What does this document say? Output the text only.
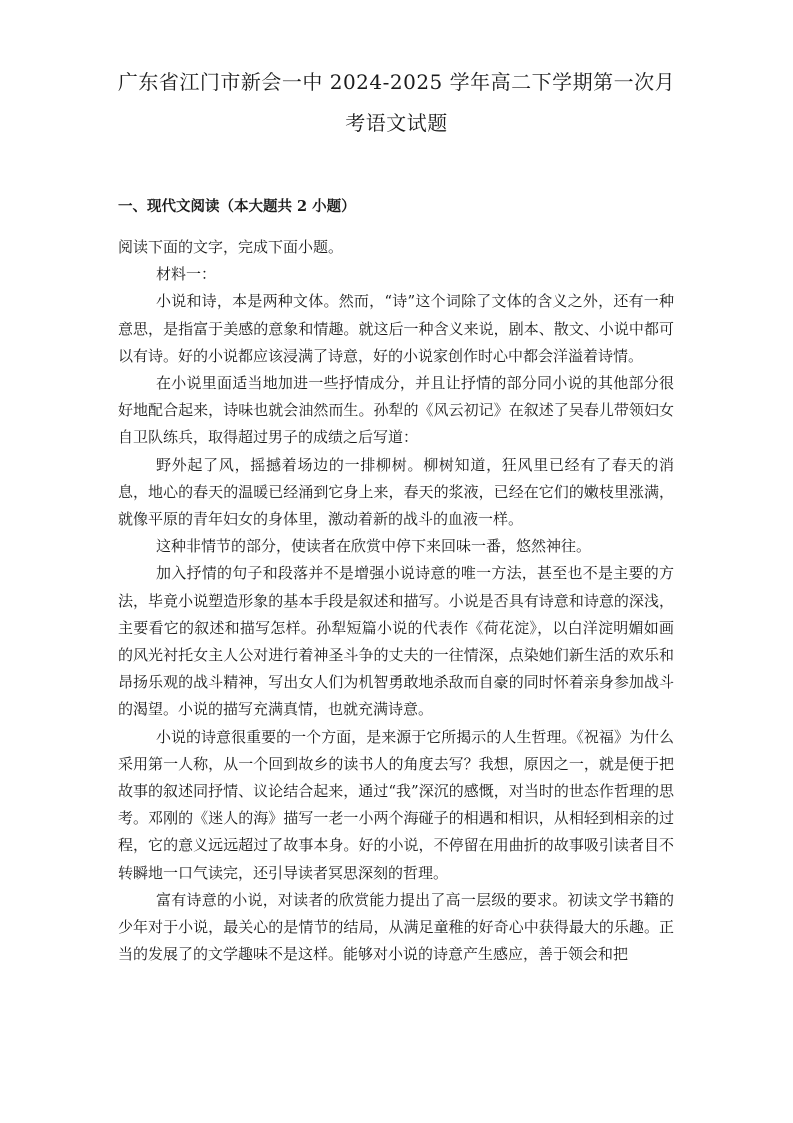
广东省江门市新会一中 2024-2025 学年高二下学期第一次月
考语文试题
一、现代文阅读（本大题共 2 小题）

阅读下面的文字，完成下面小题。

材料一：

小说和诗，本是两种文体。然而，“诗”这个词除了文体的含义之外，还有一种意思，是指富于美感的意象和情趣。就这后一种含义来说，剧本、散文、小说中都可以有诗。好的小说都应该浸满了诗意，好的小说家创作时心中都会洋溢着诗情。

在小说里面适当地加进一些抒情成分，并且让抒情的部分同小说的其他部分很好地配合起来，诗味也就会油然而生。孙犁的《风云初记》在叙述了吴春儿带领妇女自卫队练兵，取得超过男子的成绩之后写道：

野外起了风，摇撼着场边的一排柳树。柳树知道，狂风里已经有了春天的消息，地心的春天的温暖已经涌到它身上来，春天的浆液，已经在它们的嫩枝里涨满，就像平原的青年妇女的身体里，激动着新的战斗的血液一样。

这种非情节的部分，使读者在欣赏中停下来回味一番，悠然神往。

加入抒情的句子和段落并不是增强小说诗意的唯一方法，甚至也不是主要的方法，毕竟小说塑造形象的基本手段是叙述和描写。小说是否具有诗意和诗意的深浅，主要看它的叙述和描写怎样。孙犁短篇小说的代表作《荷花淀》，以白洋淀明媚如画的风光衬托女主人公对进行着神圣斗争的丈夫的一往情深，点染她们新生活的欢乐和昂扬乐观的战斗精神，写出女人们为机智勇敢地杀敌而自豪的同时怀着亲身参加战斗的渴望。小说的描写充满真情，也就充满诗意。

小说的诗意很重要的一个方面，是来源于它所揭示的人生哲理。《祝福》为什么采用第一人称，从一个回到故乡的读书人的角度去写？我想，原因之一，就是便于把故事的叙述同抒情、议论结合起来，通过“我”深沉的感慨，对当时的世态作哲理的思考。邓刚的《迷人的海》描写一老一小两个海碰子的相遇和相识，从相轻到相亲的过程，它的意义远远超过了故事本身。好的小说，不停留在用曲折的故事吸引读者目不转瞬地一口气读完，还引导读者冥思深刻的哲理。

富有诗意的小说，对读者的欣赏能力提出了高一层级的要求。初读文学书籍的少年对于小说，最关心的是情节的结局，从满足童稚的好奇心中获得最大的乐趣。正当的发展了的文学趣味不是这样。能够对小说的诗意产生感应，善于领会和把
